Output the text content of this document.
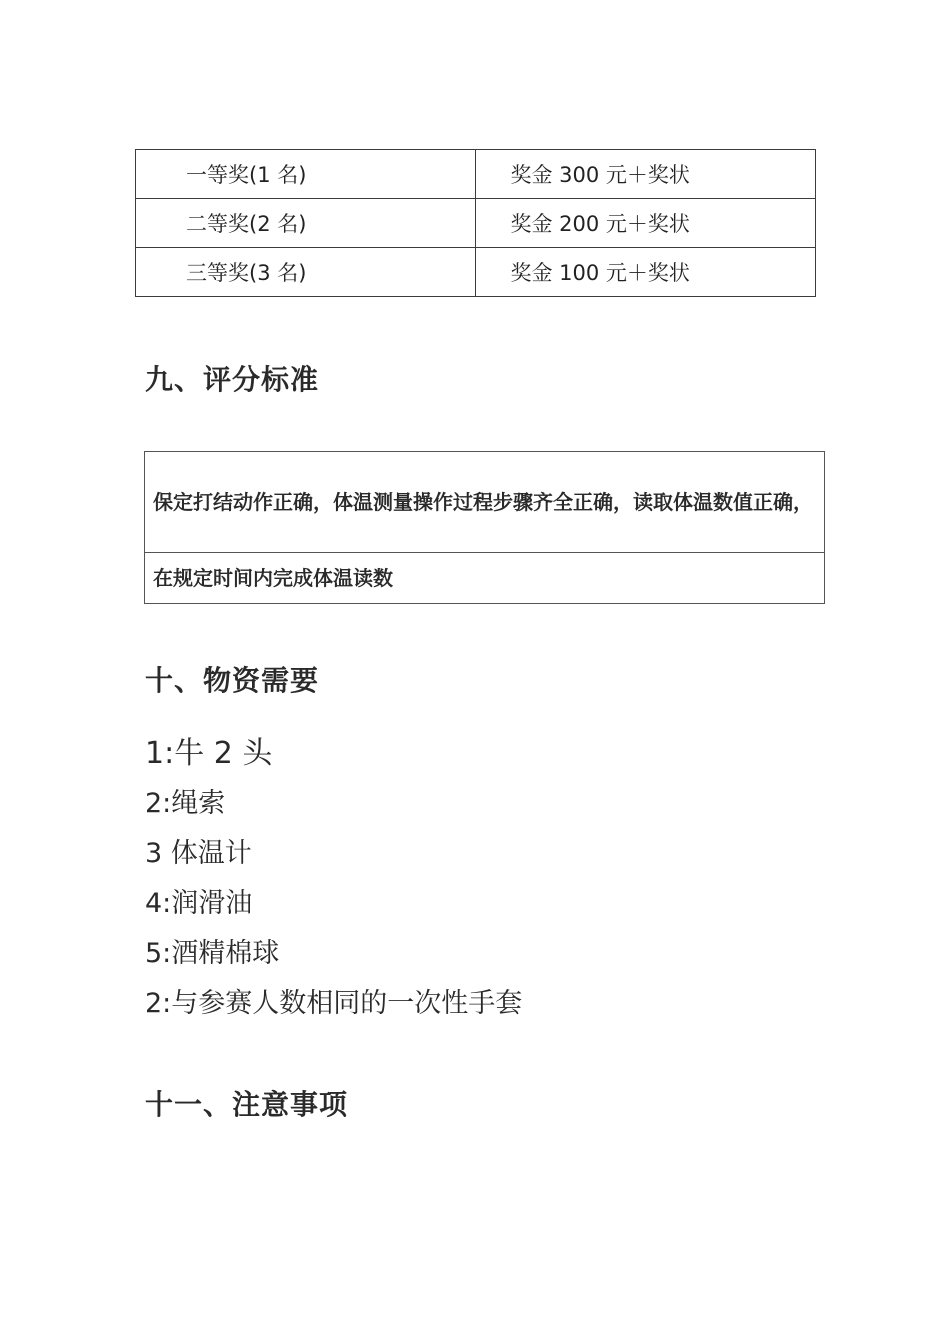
一等奖(1 名)	奖金 300 元＋奖状
二等奖(2 名)	奖金 200 元＋奖状
三等奖(3 名)	奖金 100 元＋奖状
九、评分标准
保定打结动作正确，体温测量操作过程步骤齐全正确，读取体温数值正确，
在规定时间内完成体温读数
十、物资需要
1:牛 2 头
2:绳索
3 体温计
4:润滑油
5:酒精棉球
2:与参赛人数相同的一次性手套
十一、注意事项
